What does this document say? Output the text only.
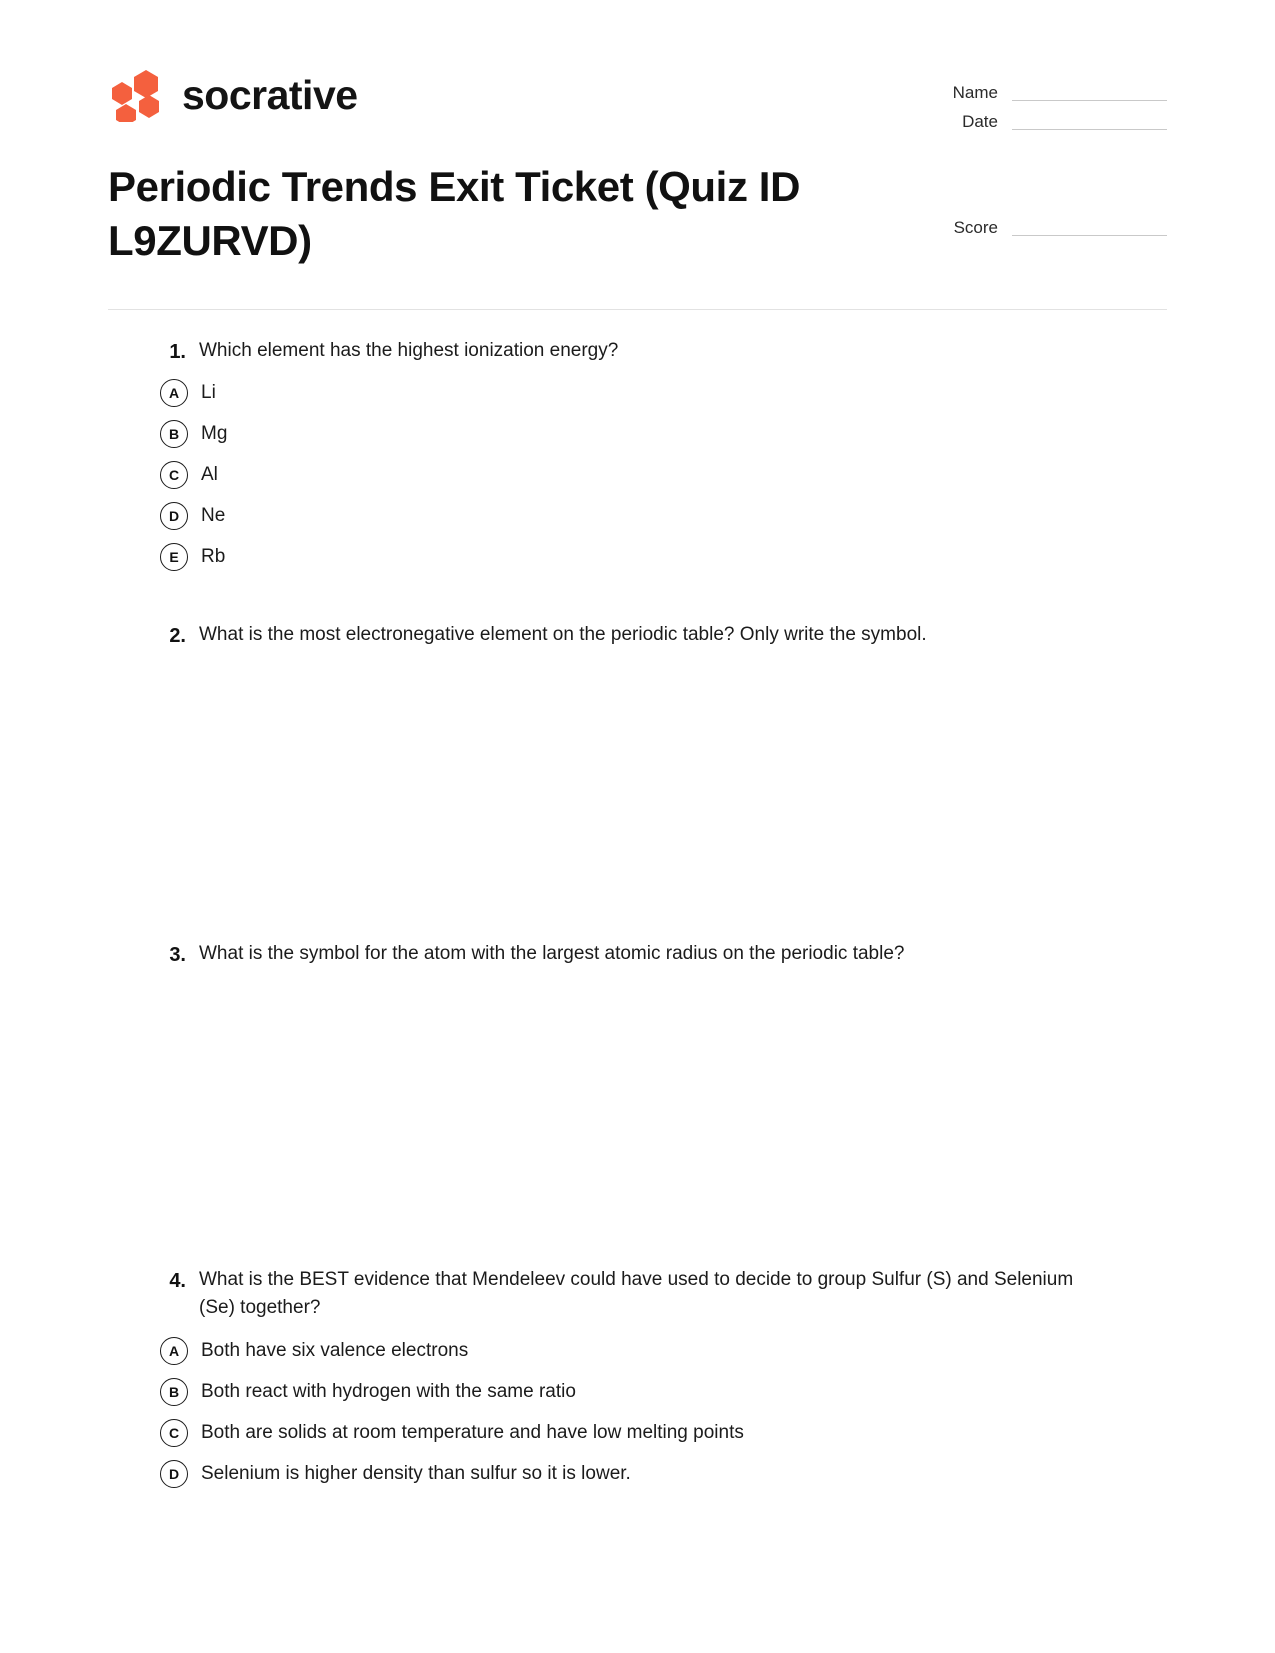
socrative	Name
Date
Periodic Trends Exit Ticket (Quiz ID L9ZURVD)	Score
1. Which element has the highest ionization energy?
A	Li
B	Mg
C	Al
D	Ne
E	Rb
2. What is the most electronegative element on the periodic table? Only write the symbol.
3. What is the symbol for the atom with the largest atomic radius on the periodic table?
4. What is the BEST evidence that Mendeleev could have used to decide to group Sulfur (S) and Selenium (Se) together?
A	Both have six valence electrons
B	Both react with hydrogen with the same ratio
C	Both are solids at room temperature and have low melting points
D	Selenium is higher density than sulfur so it is lower.
